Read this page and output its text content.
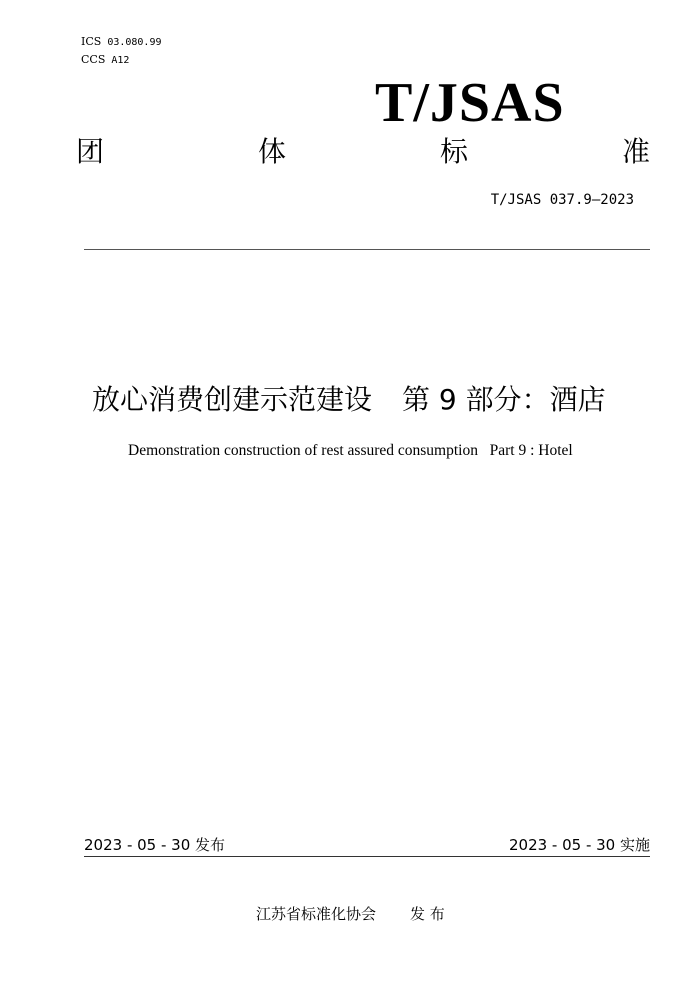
ICS 03.080.99
CCS A12
T/JSAS
团	体	标	准
T/JSAS 037.9—2023
放心消费创建示范建设 第 9 部分：酒店
Demonstration construction of rest assured consumption   Part 9 : Hotel
2023 - 05 - 30 发布	2023 - 05 - 30 实施
江苏省标准化协会 发 布
